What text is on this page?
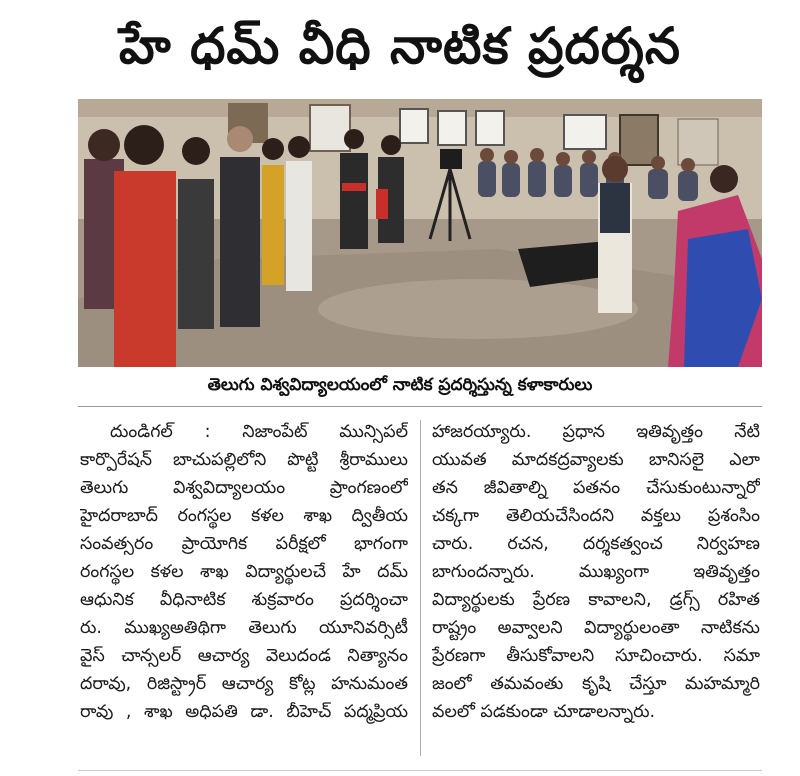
హే ధమ్ వీధి నాటిక ప్రదర్శన
తెలుగు విశ్వవిద్యాలయంలో నాటిక ప్రదర్శిస్తున్న కళాకారులు
దుండిగల్ : నిజాంపేట్ మున్సిపల్
కార్పొరేషన్ బాచుపల్లిలోని పొట్టి శ్రీరాములు
తెలుగు విశ్వవిద్యాలయం ప్రాంగణంలో
హైదరాబాద్ రంగస్థల కళల శాఖ ద్వితీయ
సంవత్సరం ప్రాయోగిక పరీక్షలో భాగంగా
రంగస్థల కళల శాఖ విద్యార్థులచే హే దమ్
ఆధునిక వీధినాటిక శుక్రవారం ప్రదర్శించా
రు. ముఖ్యఅతిథిగా తెలుగు యూనివర్సిటీ
వైస్ చాన్సలర్ ఆచార్య వెలుదండ నిత్యానం
దరావు, రిజిస్ట్రార్ ఆచార్య కోట్ల హనుమంత
రావు , శాఖ అధిపతి డా. బీహెచ్ పద్మప్రియ
హాజరయ్యారు. ప్రధాన ఇతివృత్తం నేటి
యువత మాదకద్రవ్యాలకు బానిసలై ఎలా
తన జీవితాల్ని పతనం చేసుకుంటున్నారో
చక్కగా తెలియచేసిందని వక్తలు ప్రశంసిం
చారు. రచన, దర్శకత్వంచ నిర్వహణ
బాగుందన్నారు. ముఖ్యంగా ఇతివృత్తం
విద్యార్థులకు ప్రేరణ కావాలని, డ్రగ్స్ రహిత
రాష్ట్రం అవ్వాలని విద్యార్థులంతా నాటికను
ప్రేరణగా తీసుకోవాలని సూచించారు. సమా
జంలో తమవంతు కృషి చేస్తూ మహమ్మారి
వలలో పడకుండా చూడాలన్నారు.
